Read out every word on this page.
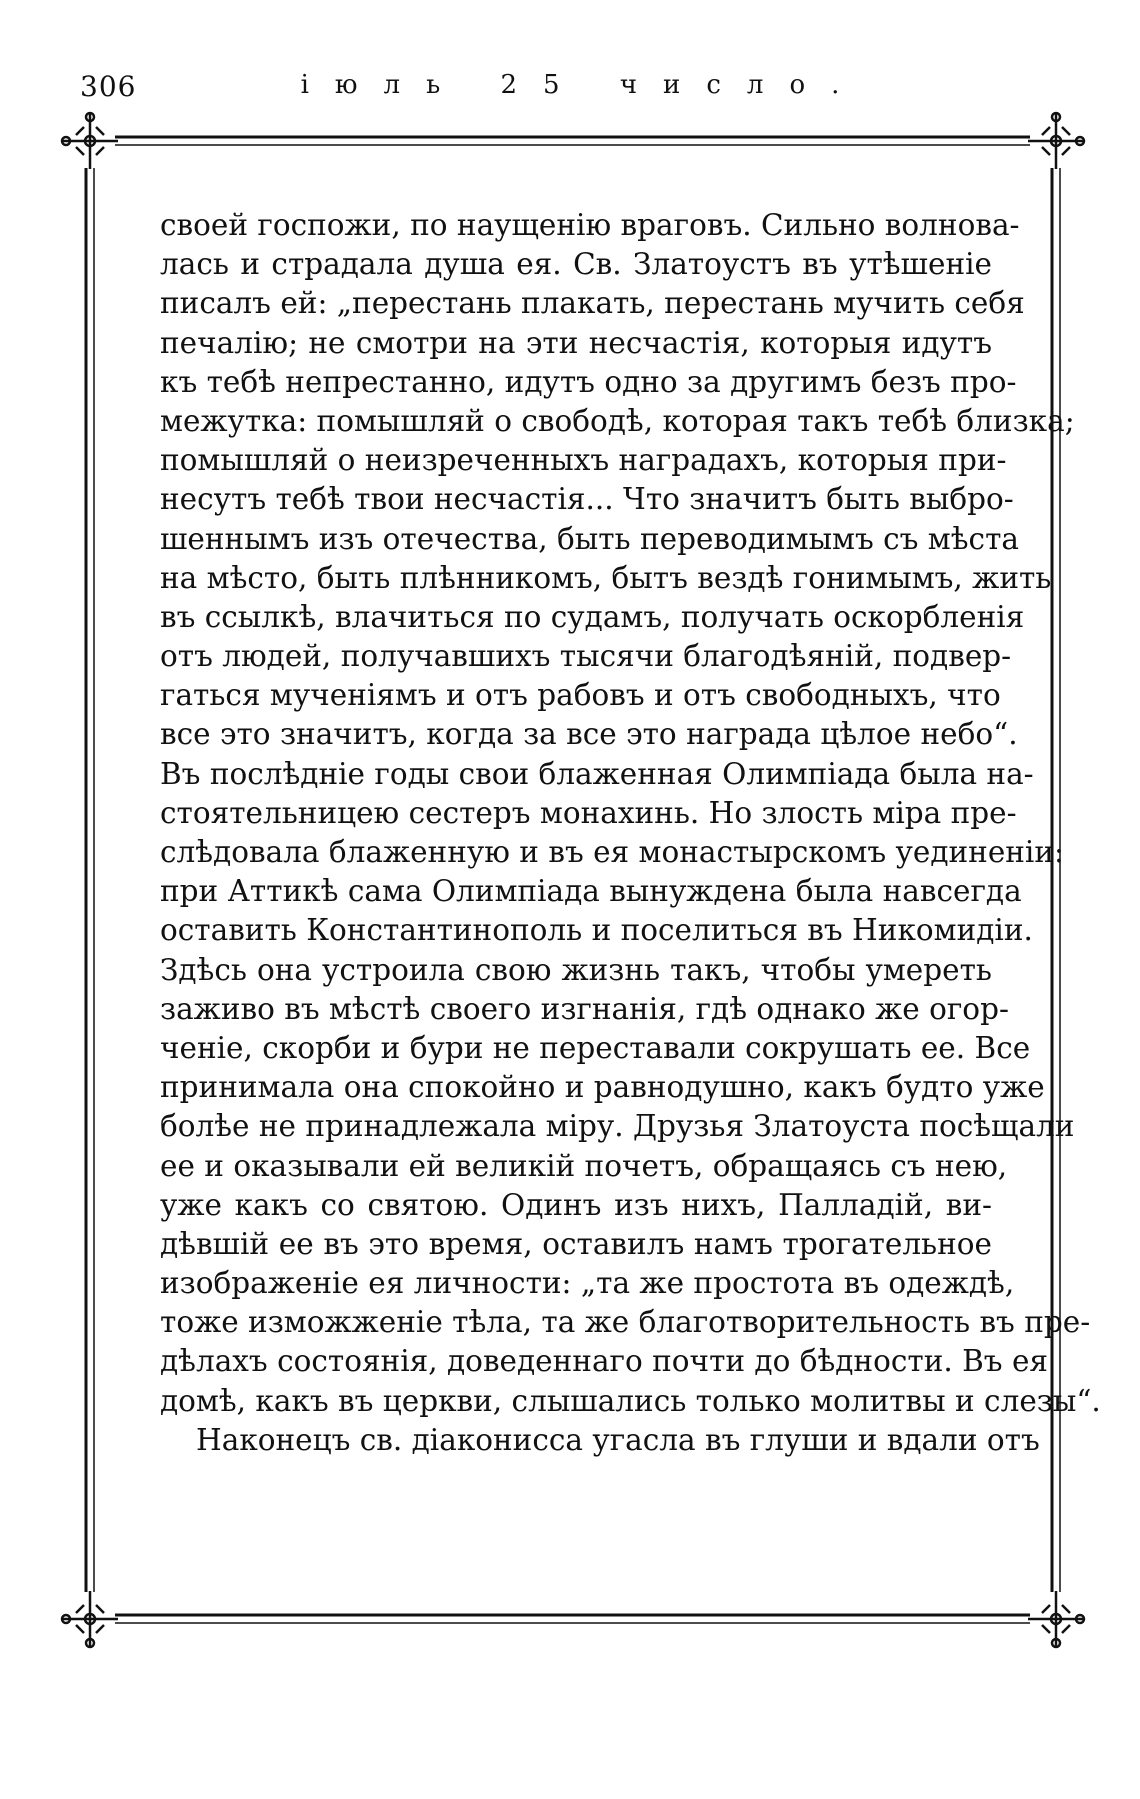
306	іюль 25 число.
своей госпожи, по наущенію враговъ. Сильно волнова-
лась и страдала душа ея. Св. Златоустъ въ утѣшеніе
писалъ ей: „перестань плакать, перестань мучить себя
печалію; не смотри на эти несчастія, которыя идутъ
къ тебѣ непрестанно, идутъ одно за другимъ безъ про-
межутка: помышляй о свободѣ, которая такъ тебѣ близка;
помышляй о неизреченныхъ наградахъ, которыя при-
несутъ тебѣ твои несчастія... Что значитъ быть выбро-
шеннымъ изъ отечества, быть переводимымъ съ мѣста
на мѣсто, быть плѣнникомъ, бытъ вездѣ гонимымъ, жить
въ ссылкѣ, влачиться по судамъ, получать оскорбленія
отъ людей, получавшихъ тысячи благодѣяній, подвер-
гаться мученіямъ и отъ рабовъ и отъ свободныхъ, что
все это значитъ, когда за все это награда цѣлое небо“.
Въ послѣдніе годы свои блаженная Олимпіада была на-
стоятельницею сестеръ монахинь. Но злость міра пре-
слѣдовала блаженную и въ ея монастырскомъ уединеніи:
при Аттикѣ сама Олимпіада вынуждена была навсегда
оставить Константинополь и поселиться въ Никомидіи.
Здѣсь она устроила свою жизнь такъ, чтобы умереть
заживо въ мѣстѣ своего изгнанія, гдѣ однако же огор-
ченіе, скорби и бури не переставали сокрушать ее. Все
принимала она спокойно и равнодушно, какъ будто уже
болѣе не принадлежала міру. Друзья Златоуста посѣщали
ее и оказывали ей великій почетъ, обращаясь съ нею,
уже какъ со святою. Одинъ изъ нихъ, Палладій, ви-
дѣвшій ее въ это время, оставилъ намъ трогательное
изображеніе ея личности: „та же простота въ одеждѣ,
тоже изможженіе тѣла, та же благотворительность въ пре-
дѣлахъ состоянія, доведеннаго почти до бѣдности. Въ ея
домѣ, какъ въ церкви, слышались только молитвы и слезы“.
Наконецъ св. діаконисса угасла въ глуши и вдали отъ
